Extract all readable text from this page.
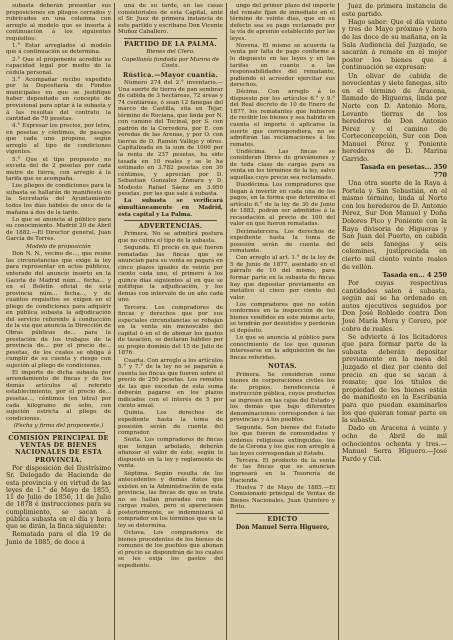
subasta deberán presentar sus proposiciones en pliegos cerrados y rubricados en una columna con arreglo al modelo que se inserta á continuación á los siguientes requisitos:

1.° Estar arreglados al modelo que á continuación se determina.

2.° Que el proponente acredite su capacidad legal por medio de la cédula personal.

3.° Acompañar recibo expedido por la Depositaría de Fondos municipales en que se justifique haber depositado en concepto de provisional para optar á la subasta y á las resultas del contrato la cantidad de 70 pesetas.

4.° Expresar los precios, por letra, en pesetas y céntimos, de pasajes que cada uno propone, según arreglo al tipo de condiciones vigentes.

5.° Que el tipo propuesto no exceda del de 2 pesetas por cada metro de tierra, con arreglo á la tarifa que se acompaña.

Los pliegos de condiciones para la subasta se hallarán de manifiesto en la Secretaría del Ayuntamiento todos los días hábiles de once de la mañana á dos de la tarde.

Lo que se anuncia al público para su conocimiento. Madrid 20 de Abril de 1882.—El Director general, Juan García de Torres.

Modelo de proposición

Don N. N., vecino de..., que reune las circunstancias que exige la ley para representar en actos públicos, enterado del anuncio inserto en la Gaceta de Madrid núm... fecha... y en el Boletín oficial de esta provincia núm... fecha..., y de cuantos requisitos se exigen en el pliego de condiciones para adquirir en pública subasta la adjudicación del servicio referente á conducción de la vía que anuncia la Dirección de Obras públicas de... para la prestación de los trabajos de la provincia de... por el precio de... pesetas, de los cuales se obliga á cumplir de su cuenta y riesgo con sujeción al pliego de condiciones.

El importe de dicha subasta por arrendamiento de fincas y de los demás artículos al referido establecimiento, por el precio de... pesetas..., céntimos (en letra) por cada kilogramo de sebo, con sujeción estricta al pliego de condiciones.

(Fecha y firma del proponente.)

COMISIÓN PRINCIPAL DE VENTAS DE BIENES NACIONALES DE ESTA PROVINCIA.

Por disposición del Ilustrísimo Sr. Delegado de Hacienda de esta provincia y en virtud de las leyes de 1.° de Mayo de 1855, 11 de Julio de 1856, 11 de Julio de 1878 é instrucciones para su cumplimiento, se sacan á pública subasta en el día y hora que se dirán, la finca siguiente:

Rematada para el día 19 de Junio de 1885, de doce á

una de su tarde, en las casas consistoriales de esta Capital, ante el Sr. Juez de primera instancia de este partido y escribano Don Vicente Muñoz Caballero.

PARTIDO DE LA PALMA.

Bienes del Clero.

Capellanía fundada por Marina de Costa.

Rústica.—Mayor cuantía.

Número 274 del 2.° inventario.—Una suerte de tierra de pan sembrar de cabida de 3 hectáreas, 72 áreas y 74 centiáreas, ó sean 12 fanegas del marco de Castilla, sita en Tejar, término de Rociana, que linda por N. con camino del Tocinal, por S. con padrón de la Corredera, por E. con veredas de las Arenas, y por O. con tierras de D. Ramón Vallejo y otros. Capitalizada en la sum de 1000 por la renta de 237 pesetas, ha sido tasada en 10 reales y se le ha estimado en 3.782 pesetas con 30 céntimos, y aprecian por D. Sebastian Gonzalez Zúmara y D. Modesto Rafael Sáenz en 3.950 pesetas, por las que sale á subasta.

La subasta se verificará simultáneamente en Madrid, esta capital y La Palma.

ADVERTENCIAS.

Primera. No se admitirá postura que no cubra el tipo de la subasta.

Segunda. El precio en que fueren rematadas las fincas que se anuncian para su venta se pagará en cinco plazos iguales de veinte por ciento cada uno, el primero á los quince días siguientes al en que se notifique la adjudicación, y los demás con intervalo de un año cada uno.

Tercera. Los compradores de fincas y derechos que por sus especiales circunstancias se rebajan en la venta sin menoscabo del capital ó en el de abonar los gastos de tasación, se declaran hábiles por su propio dominio del 15 de Julio de 1876.

Cuarta. Con arreglo a los artículos 5.° y 7.° de la ley no se pagarán á cuenta las fincas que fueren sobre el precio de 250 pesetas. Los remates de las que excedan de esta suma deberán pagarse en los plazos indicados con el interés de 5 por ciento anual.

Quinta. Los derechos de expediente hasta la toma de posesión serán de cuenta del comprador.

Sexta. Los compradores de fincas que tengan arbolado, deberán afianzar el valor de éste, según lo dispuesto en la ley y reglamento de venta.

Séptima. Según resulta de los antecedentes y demás datos que existen en la Administración de esta provincia, las fincas de que se trata no se hallan gravadas con más cargas reales, pero si apareciesen posteriormente, se indemnizará al comprador en los términos que en la ley se determina.

Octava. Los compradores de bienes procedentes de los bienes de comunes de los pueblos que abonan el precio se dispondrán de los cuales se les exija los gastos del expediente.

ungo del primer plazo del importe del remate fijan de inmediato en el término de veinte días, que en su defecto sea su pago reclamado por la vía de apremio establecido por las leyes.

Novena. El mismo se acuerda la venta por falta de pago conforme á lo dispuesto en las leyes y en las tarifas en cuanto a las responsabilidades del rematante, pudiendo el acreedor ejercitar sus derechos.

Décima. Con arreglo á lo dispuesto por los artículos 6.° y 9.° del Real decreto de 10 de Enero de 1877, los rematantes que hubieren de recibir los bienes y sea habido en cuenta el importe ó aplicarse la suerte que correspondiera, no se admitirán las reclamaciones á los remates.

Undécima. Las fincas se consideran libres de gravámenes y de toda clase de cargas para su venta en los términos de la ley, salvo aquellas cuyo precio sea reclamado.

Duodécima. Los compradores que llegan á invertir en cada una de los pagos, en la forma que determina el artículo 6.° de la ley de 30 de Junio de 1882, podrán ser admitidos á la recaudación al precio de 100 del valor en que fueron rematadas.

Decimatercera. Los derechos de expediente hasta la toma de posesión serán de cuenta del rematante.

Con arreglo al art. 1.° de la ley de 5 de Junio de 1877, asentado en el párrafo de 10 del mismo, para formar parte en la subasta de fincas hay que depositar previamente en metálico el cinco por ciento del valor.

Los compradores que no estén conformes en la inspección de los bienes vendidos en este mismo acto, se tendrán por desistidos y perderán el depósito.

Lo que se anuncia al público para conocimiento de los que quieran interesarse en la adquisición de las fincas referidas.

NOTAS.

Primera. Se consideran como bienes de corporaciones civiles los de propios, beneficencia é instrucción pública, cuyos productos se ingresen en las cajas del Estado y los demás que bajo diferentes denominaciones corresponden á las provincias y á los pueblos.

Segunda. Son bienes del Estado los que fueren de comunidades y órdenes religiosas extinguidas, los de la Corona y los que con arreglo á las leyes correspondan al Estado.

Tercera. El producto de la venta de las fincas que se anuncian ingresará en la Tesorería de Hacienda.

Huelva 7 de Mayo de 1885.—El Comisionado principal de Ventas de Bienes Nacionales, Juan Quintero y Brito.

EDICTO

Don Manuel Serra Higuero,

Juez de primera instancia de este partido.

Hago saber: Que el día veinte y tres de Mayo próximo y hora de las doce de su mañana, en la Sala Audiencia del Juzgado, se sacarán á remate en el mejor postor los bienes que á continuación se expresan:

Un olivar de cabida de novecientas y siete fanegas, sito en el término de Aracena, llamado de Higueras, linda por Norte con D. Antonio Mora, Levante tierras de los herederos de Don Antonio Pérez y el camino de Corteconcepción, Sur con Don Manuel Pérez y Poniente herederos de D. Marina Garrido.

Tasada en pesetas... 350 770

Una otra suerte de la Raya á Portela y San Sebastián, en el mismo término, linda al Norte con los herederos de D. Antonio Pérez, Sur Don Manuel y Doña Dolores Pico y Poniente con la Raya divisoria de Higueras y San Juan del Puerto, en cabida de seis fanegas y seis celemines, justipreciada en cierto mil ciento veinte reales de vellón.

Tasada en... 4 250

Por cuyas respectivas cantidades salen á subasta, según así se ha ordenado en autos ejecutivos seguidos por Don José Robledo contra Don José María Mora y Cerero, por cobro de reales.

Se advierte á los licitadores que para formar parte de la subasta deberán depositar previamente en la mesa del Juzgado el diez por ciento del precio en que se sacan á remate; que los títulos de propiedad de los bienes están de manifiesto en la Escribanía para que puedan examinarlos los que quieran tomar parte en la subasta.

Dado en Aracena á veinte y ocho de Abril de mil ochocientos ochenta y tres.—Manuel Serra Higuero.—José Pardo y Cid.
